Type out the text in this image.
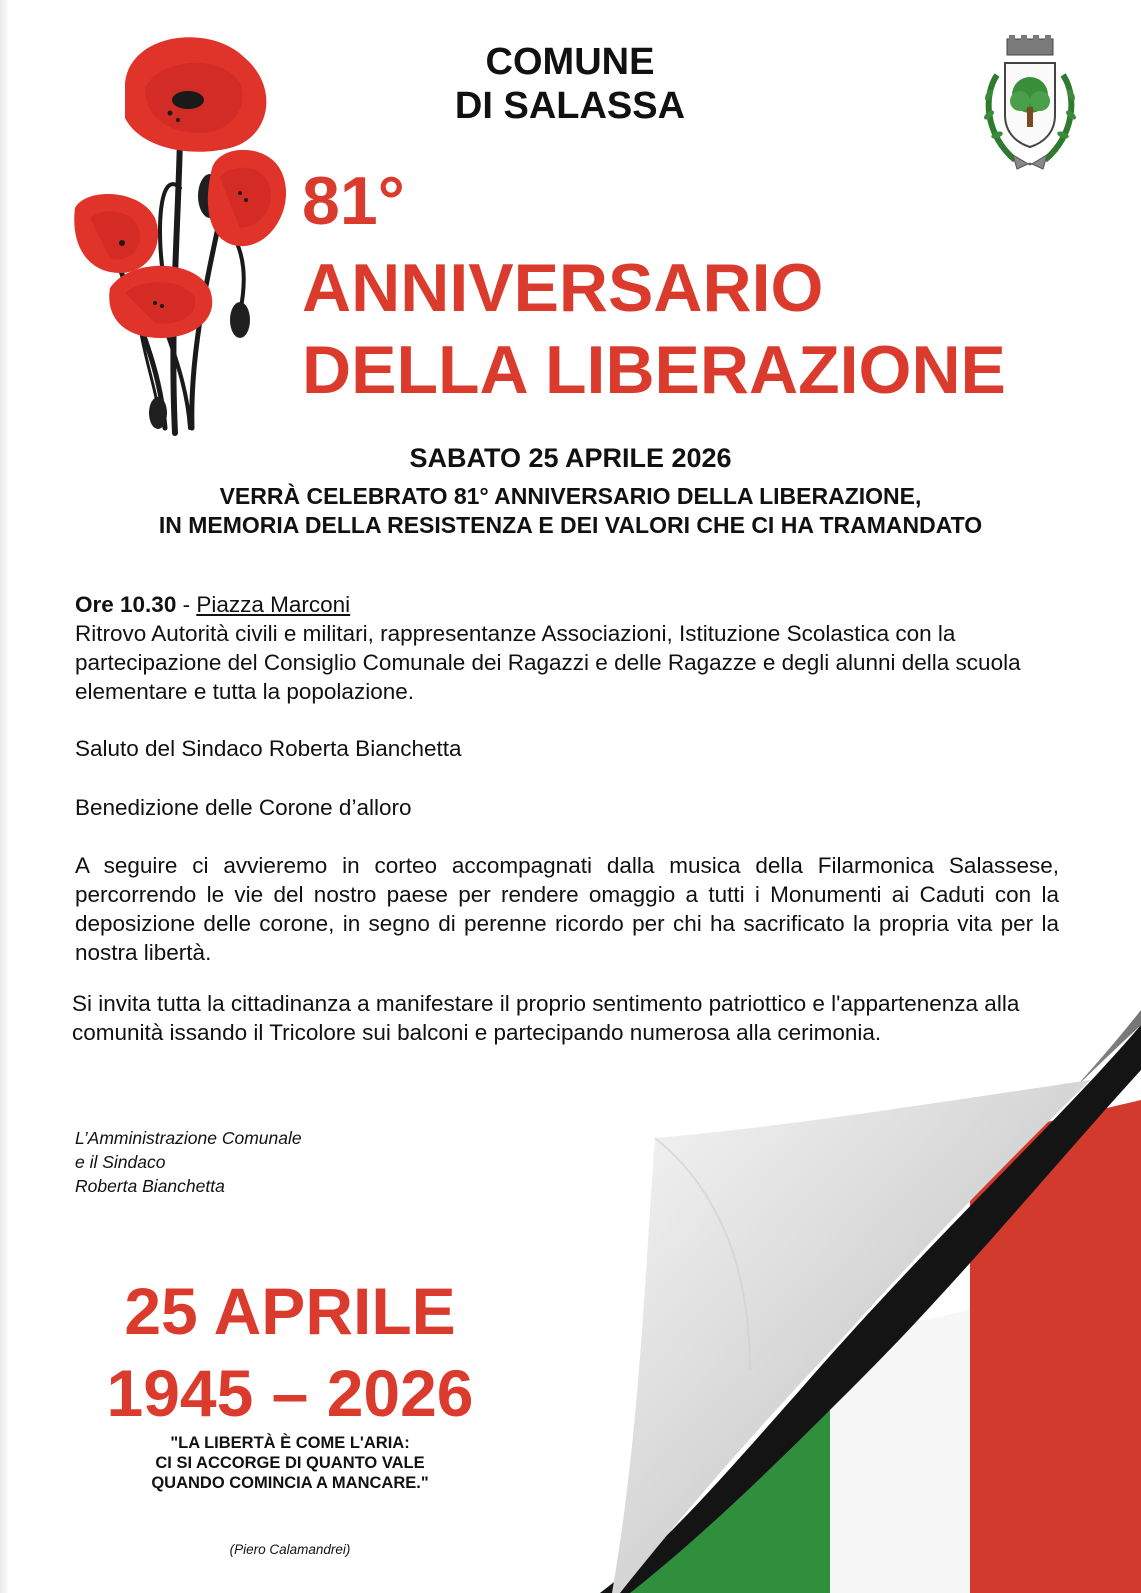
COMUNE
DI SALASSA
81°
ANNIVERSARIO
DELLA LIBERAZIONE
SABATO 25 APRILE 2026
VERRÀ CELEBRATO 81° ANNIVERSARIO DELLA LIBERAZIONE,
IN MEMORIA DELLA RESISTENZA E DEI VALORI CHE CI HA TRAMANDATO
Ore 10.30 - Piazza Marconi
Ritrovo Autorità civili e militari, rappresentanze Associazioni, Istituzione Scolastica con la partecipazione del Consiglio Comunale dei Ragazzi e delle Ragazze e degli alunni della scuola elementare e tutta la popolazione.
Saluto del Sindaco Roberta Bianchetta
Benedizione delle Corone d’alloro
A seguire ci avvieremo in corteo accompagnati dalla musica della Filarmonica Salassese, percorrendo le vie del nostro paese per rendere omaggio a tutti i Monumenti ai Caduti con la deposizione delle corone, in segno di perenne ricordo per chi ha sacrificato la propria vita per la nostra libertà.
Si invita tutta la cittadinanza a manifestare il proprio sentimento patriottico e l'appartenenza alla comunità issando il Tricolore sui balconi e partecipando numerosa alla cerimonia.
L’Amministrazione Comunale
e il Sindaco
Roberta Bianchetta
25 APRILE
1945 – 2026
"LA LIBERTÀ È COME L'ARIA:
CI SI ACCORGE DI QUANTO VALE
QUANDO COMINCIA A MANCARE."
(Piero Calamandrei)
